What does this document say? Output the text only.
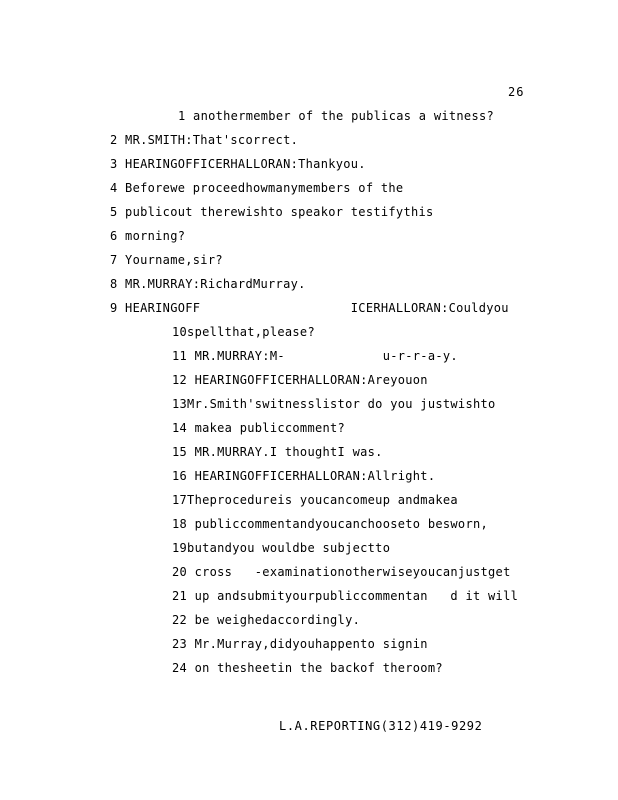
26
1 anothermember of the publicas a witness?
2 MR.SMITH:That'scorrect.
3 HEARINGOFFICERHALLORAN:Thankyou.
4 Beforewe proceedhowmanymembers of the
5 publicout therewishto speakor testifythis
6 morning?
7 Yourname,sir?
8 MR.MURRAY:RichardMurray.
9 HEARINGOFF                    ICERHALLORAN:Couldyou
10spellthat,please?
11 MR.MURRAY:M-             u-r-r-a-y.
12 HEARINGOFFICERHALLORAN:Areyouon
13Mr.Smith'switnesslistor do you justwishto
14 makea publiccomment?
15 MR.MURRAY.I thoughtI was.
16 HEARINGOFFICERHALLORAN:Allright.
17Theprocedureis youcancomeup andmakea
18 publiccommentandyoucanchooseto besworn,
19butandyou wouldbe subjectto
20 cross   -examinationotherwiseyoucanjustget
21 up andsubmityourpubliccommentan   d it will
22 be weighedaccordingly.
23 Mr.Murray,didyouhappento signin
24 on thesheetin the backof theroom?
L.A.REPORTING(312)419-9292
